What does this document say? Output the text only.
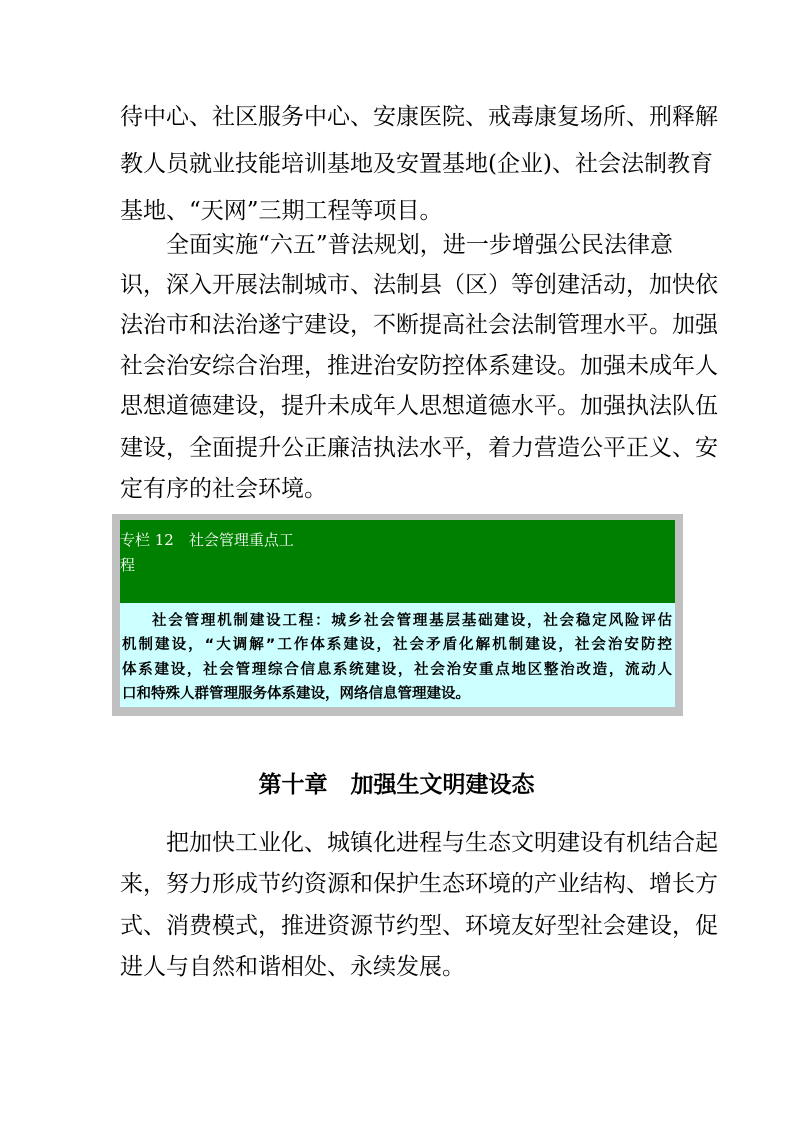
待中心、社区服务中心、安康医院、戒毒康复场所、刑释解
教人员就业技能培训基地及安置基地(企业)、社会法制教育
基地、“天网”三期工程等项目。
全面实施“六五”普法规划，进一步增强公民法律意
识，深入开展法制城市、法制县（区）等创建活动，加快依
法治市和法治遂宁建设，不断提高社会法制管理水平。加强
社会治安综合治理，推进治安防控体系建设。加强未成年人
思想道德建设，提升未成年人思想道德水平。加强执法队伍
建设，全面提升公正廉洁执法水平，着力营造公平正义、安
定有序的社会环境。
专栏 12　社会管理重点工
程
社会管理机制建设工程：城乡社会管理基层基础建设，社会稳定风险评估
机制建设，“大调解”工作体系建设，社会矛盾化解机制建设，社会治安防控
体系建设，社会管理综合信息系统建设，社会治安重点地区整治改造，流动人
口和特殊人群管理服务体系建设，网络信息管理建设。
第十章　加强生文明建设态
把加快工业化、城镇化进程与生态文明建设有机结合起
来，努力形成节约资源和保护生态环境的产业结构、增长方
式、消费模式，推进资源节约型、环境友好型社会建设，促
进人与自然和谐相处、永续发展。
